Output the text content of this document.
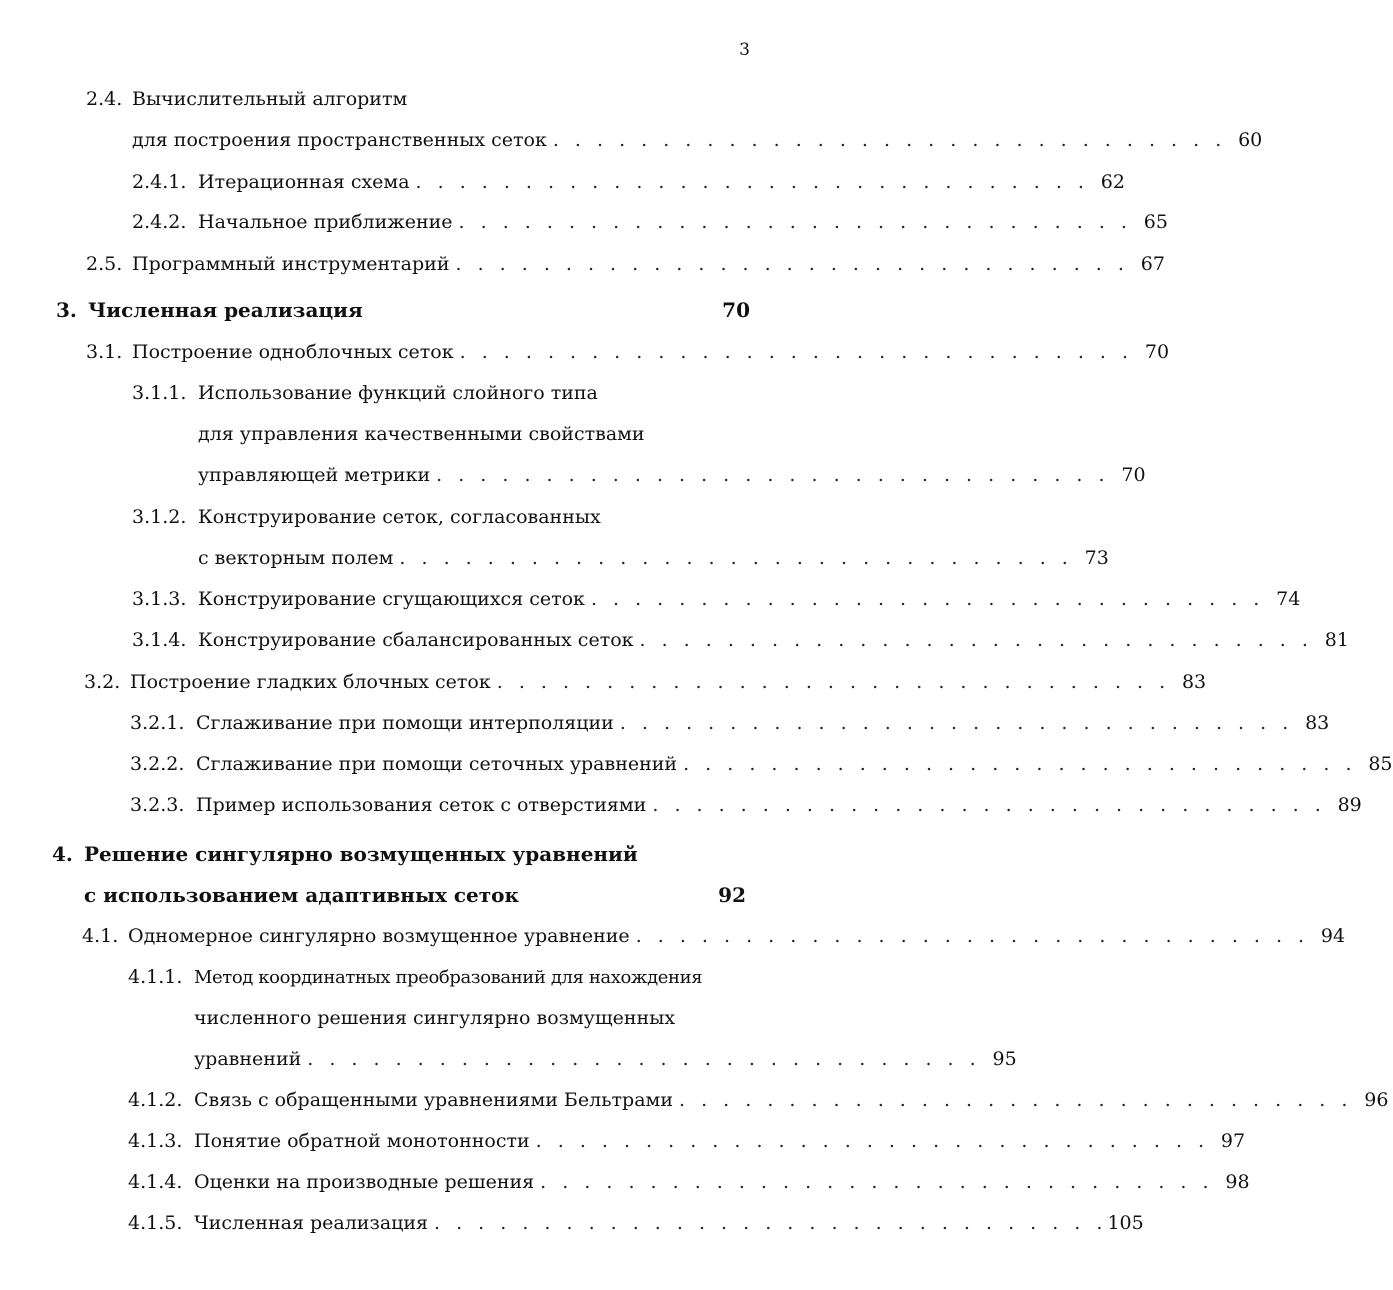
3
2.4. Вычислительный алгоритм
для построения пространственных сеток . . . . . . . . . . . . . . . . . . . . . . . . . . . . . . . 60
2.4.1. Итерационная схема . . . . . . . . . . . . . . . . . . . . . . . . . . . . . . . 62
2.4.2. Начальное приближение . . . . . . . . . . . . . . . . . . . . . . . . . . . . . . . 65
2.5. Программный инструментарий . . . . . . . . . . . . . . . . . . . . . . . . . . . . . . . 67
3. Численная реализация	70
3.1. Построение одноблочных сеток . . . . . . . . . . . . . . . . . . . . . . . . . . . . . . . 70
3.1.1. Использование функций слойного типа
для управления качественными свойствами
управляющей метрики . . . . . . . . . . . . . . . . . . . . . . . . . . . . . . . 70
3.1.2. Конструирование сеток, согласованных
с векторным полем . . . . . . . . . . . . . . . . . . . . . . . . . . . . . . . 73
3.1.3. Конструирование сгущающихся сеток . . . . . . . . . . . . . . . . . . . . . . . . . . . . . . . 74
3.1.4. Конструирование сбалансированных сеток . . . . . . . . . . . . . . . . . . . . . . . . . . . . . . . 81
3.2. Построение гладких блочных сеток . . . . . . . . . . . . . . . . . . . . . . . . . . . . . . . 83
3.2.1. Сглаживание при помощи интерполяции . . . . . . . . . . . . . . . . . . . . . . . . . . . . . . . 83
3.2.2. Сглаживание при помощи сеточных уравнений . . . . . . . . . . . . . . . . . . . . . . . . . . . . . . . 85
3.2.3. Пример использования сеток с отверстиями . . . . . . . . . . . . . . . . . . . . . . . . . . . . . . . 89
4. Решение сингулярно возмущенных уравнений
с использованием адаптивных сеток	92
4.1. Одномерное сингулярно возмущенное уравнение . . . . . . . . . . . . . . . . . . . . . . . . . . . . . . . 94
4.1.1. Метод координатных преобразований для нахождения
численного решения сингулярно возмущенных
уравнений . . . . . . . . . . . . . . . . . . . . . . . . . . . . . . . 95
4.1.2. Связь с обращенными уравнениями Бельтрами . . . . . . . . . . . . . . . . . . . . . . . . . . . . . . . 96
4.1.3. Понятие обратной монотонности . . . . . . . . . . . . . . . . . . . . . . . . . . . . . . . 97
4.1.4. Оценки на производные решения . . . . . . . . . . . . . . . . . . . . . . . . . . . . . . . 98
4.1.5. Численная реализация . . . . . . . . . . . . . . . . . . . . . . . . . . . . . . . 105
